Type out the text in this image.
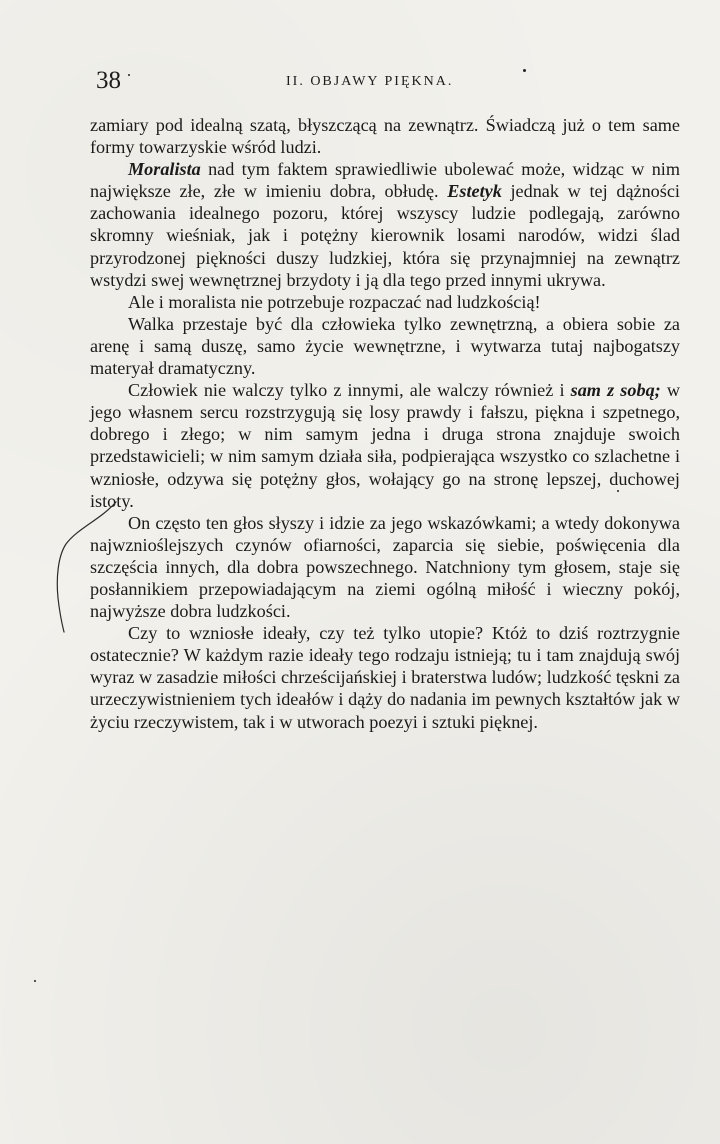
38	II. OBJAWY PIĘKNA.

zamiary pod idealną szatą, błyszczącą na zewnątrz. Świadczą już o tem same formy towarzyskie wśród ludzi.

Moralista nad tym faktem sprawiedliwie ubolewać może, widząc w nim największe złe, złe w imieniu dobra, obłudę. Estetyk jednak w tej dążności zachowania idealnego pozoru, której wszyscy ludzie podlegają, zarówno skromny wieśniak, jak i potężny kierownik losami narodów, widzi ślad przyrodzonej piękności duszy ludzkiej, która się przynajmniej na zewnątrz wstydzi swej wewnętrznej brzydoty i ją dla tego przed innymi ukrywa.

Ale i moralista nie potrzebuje rozpaczać nad ludzkością!

Walka przestaje być dla człowieka tylko zewnętrzną, a obiera sobie za arenę i samą duszę, samo życie wewnętrzne, i wytwarza tutaj najbogatszy materyał dramatyczny.

Człowiek nie walczy tylko z innymi, ale walczy również i sam z sobą; w jego własnem sercu rozstrzygują się losy prawdy i fałszu, piękna i szpetnego, dobrego i złego; w nim samym jedna i druga strona znajduje swoich przedstawicieli; w nim samym działa siła, podpierająca wszystko co szlachetne i wzniosłe, odzywa się potężny głos, wołający go na stronę lepszej, duchowej istoty.

On często ten głos słyszy i idzie za jego wskazówkami; a wtedy dokonywa najwznioślejszych czynów ofiarności, zaparcia się siebie, poświęcenia dla szczęścia innych, dla dobra powszechnego. Natchniony tym głosem, staje się posłannikiem przepowiadającym na ziemi ogólną miłość i wieczny pokój, najwyższe dobra ludzkości.

Czy to wzniosłe ideały, czy też tylko utopie? Któż to dziś roztrzygnie ostatecznie? W każdym razie ideały tego rodzaju istnieją; tu i tam znajdują swój wyraz w zasadzie miłości chrześcijańskiej i braterstwa ludów; ludzkość tęskni za urzeczywistnieniem tych ideałów i dąży do nadania im pewnych kształtów jak w życiu rzeczywistem, tak i w utworach poezyi i sztuki pięknej.
